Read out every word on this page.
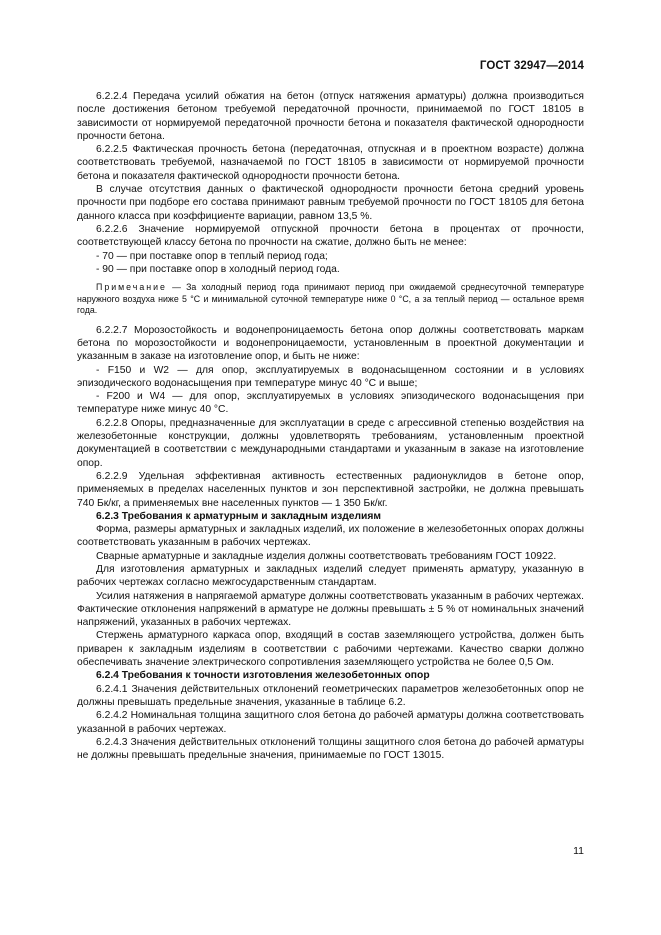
ГОСТ 32947—2014

6.2.2.4 Передача усилий обжатия на бетон (отпуск натяжения арматуры) должна производиться после достижения бетоном требуемой передаточной прочности, принимаемой по ГОСТ 18105 в зависимости от нормируемой передаточной прочности бетона и показателя фактической однородности прочности бетона.

6.2.2.5 Фактическая прочность бетона (передаточная, отпускная и в проектном возрасте) должна соответствовать требуемой, назначаемой по ГОСТ 18105 в зависимости от нормируемой прочности бетона и показателя фактической однородности прочности бетона.

В случае отсутствия данных о фактической однородности прочности бетона средний уровень прочности при подборе его состава принимают равным требуемой прочности по ГОСТ 18105 для бетона данного класса при коэффициенте вариации, равном 13,5 %.

6.2.2.6 Значение нормируемой отпускной прочности бетона в процентах от прочности, соответствующей классу бетона по прочности на сжатие, должно быть не менее:

- 70 — при поставке опор в теплый период года;

- 90 — при поставке опор в холодный период года.

Примечание — За холодный период года принимают период при ожидаемой среднесуточной температуре наружного воздуха ниже 5 °С и минимальной суточной температуре ниже 0 °С, а за теплый период — остальное время года.

6.2.2.7 Морозостойкость и водонепроницаемость бетона опор должны соответствовать маркам бетона по морозостойкости и водонепроницаемости, установленным в проектной документации и указанным в заказе на изготовление опор, и быть не ниже:

- F150 и W2 — для опор, эксплуатируемых в водонасыщенном состоянии и в условиях эпизодического водонасыщения при температуре минус 40 °С и выше;

- F200 и W4 — для опор, эксплуатируемых в условиях эпизодического водонасыщения при температуре ниже минус 40 °С.

6.2.2.8 Опоры, предназначенные для эксплуатации в среде с агрессивной степенью воздействия на железобетонные конструкции, должны удовлетворять требованиям, установленным проектной документацией в соответствии с международными стандартами и указанным в заказе на изготовление опор.

6.2.2.9 Удельная эффективная активность естественных радионуклидов в бетоне опор, применяемых в пределах населенных пунктов и зон перспективной застройки, не должна превышать 740 Бк/кг, а применяемых вне населенных пунктов — 1 350 Бк/кг.

6.2.3 Требования к арматурным и закладным изделиям

Форма, размеры арматурных и закладных изделий, их положение в железобетонных опорах должны соответствовать указанным в рабочих чертежах.

Сварные арматурные и закладные изделия должны соответствовать требованиям ГОСТ 10922.

Для изготовления арматурных и закладных изделий следует применять арматуру, указанную в рабочих чертежах согласно межгосударственным стандартам.

Усилия натяжения в напрягаемой арматуре должны соответствовать указанным в рабочих чертежах. Фактические отклонения напряжений в арматуре не должны превышать ± 5 % от номинальных значений напряжений, указанных в рабочих чертежах.

Стержень арматурного каркаса опор, входящий в состав заземляющего устройства, должен быть приварен к закладным изделиям в соответствии с рабочими чертежами. Качество сварки должно обеспечивать значение электрического сопротивления заземляющего устройства не более 0,5 Ом.

6.2.4 Требования к точности изготовления железобетонных опор

6.2.4.1 Значения действительных отклонений геометрических параметров железобетонных опор не должны превышать предельные значения, указанные в таблице 6.2.

6.2.4.2 Номинальная толщина защитного слоя бетона до рабочей арматуры должна соответствовать указанной в рабочих чертежах.

6.2.4.3 Значения действительных отклонений толщины защитного слоя бетона до рабочей арматуры не должны превышать предельные значения, принимаемые по ГОСТ 13015.

11
